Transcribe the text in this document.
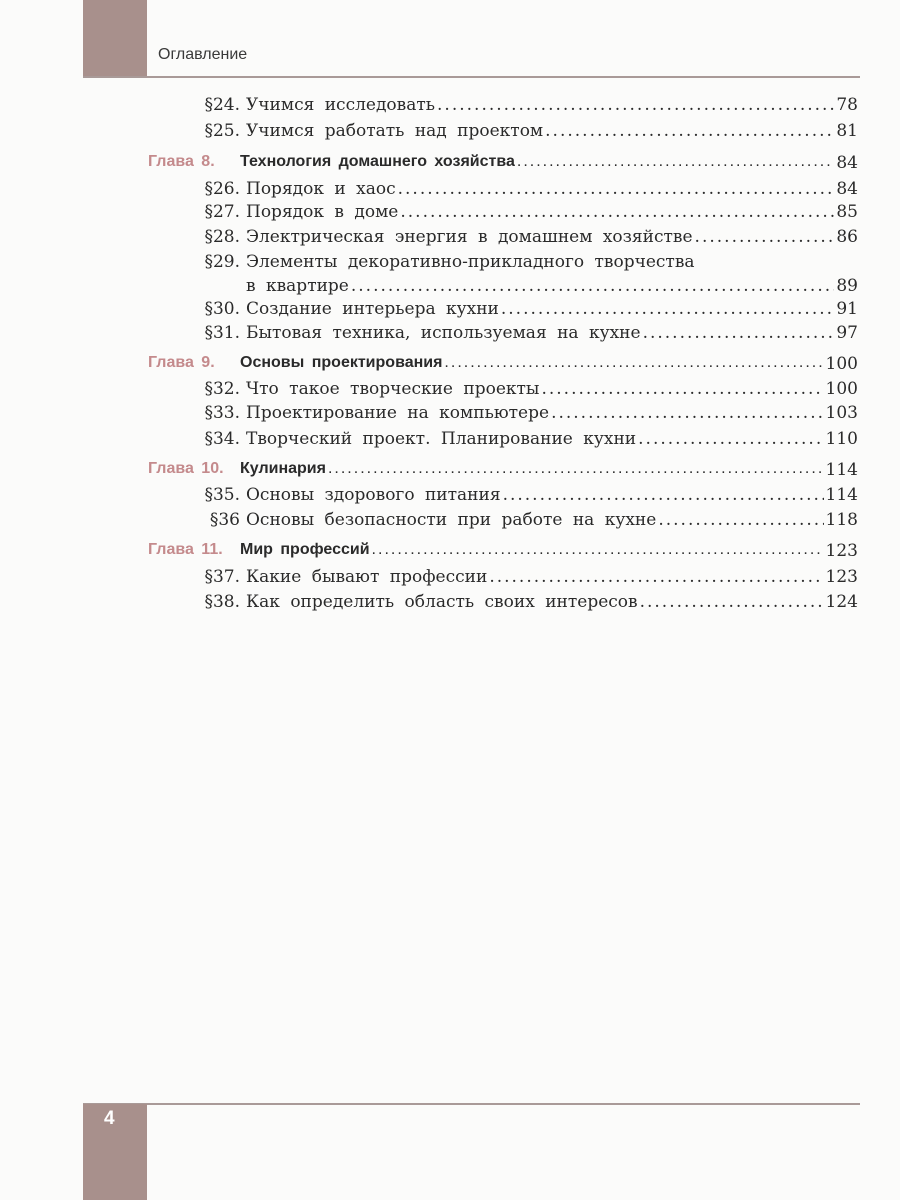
Оглавление
§24. Учимся исследовать .....	78
§25. Учимся работать над проектом .....	81
Глава 8.	Технология домашнего хозяйства .....	84
§26. Порядок и хаос .....	84
§27. Порядок в доме .....	85
§28. Электрическая энергия в домашнем хозяйстве .....	86
§29. Элементы декоративно-прикладного творчества
в квартире .....	89
§30. Создание интерьера кухни .....	91
§31. Бытовая техника, используемая на кухне .....	97
Глава 9.	Основы проектирования .....	100
§32. Что такое творческие проекты .....	100
§33. Проектирование на компьютере .....	103
§34. Творческий проект. Планирование кухни .....	110
Глава 10.	Кулинария .....	114
§35. Основы здорового питания .....	114
§36 Основы безопасности при работе на кухне .....	118
Глава 11.	Мир профессий .....	123
§37. Какие бывают профессии .....	123
§38. Как определить область своих интересов .....	124
4
